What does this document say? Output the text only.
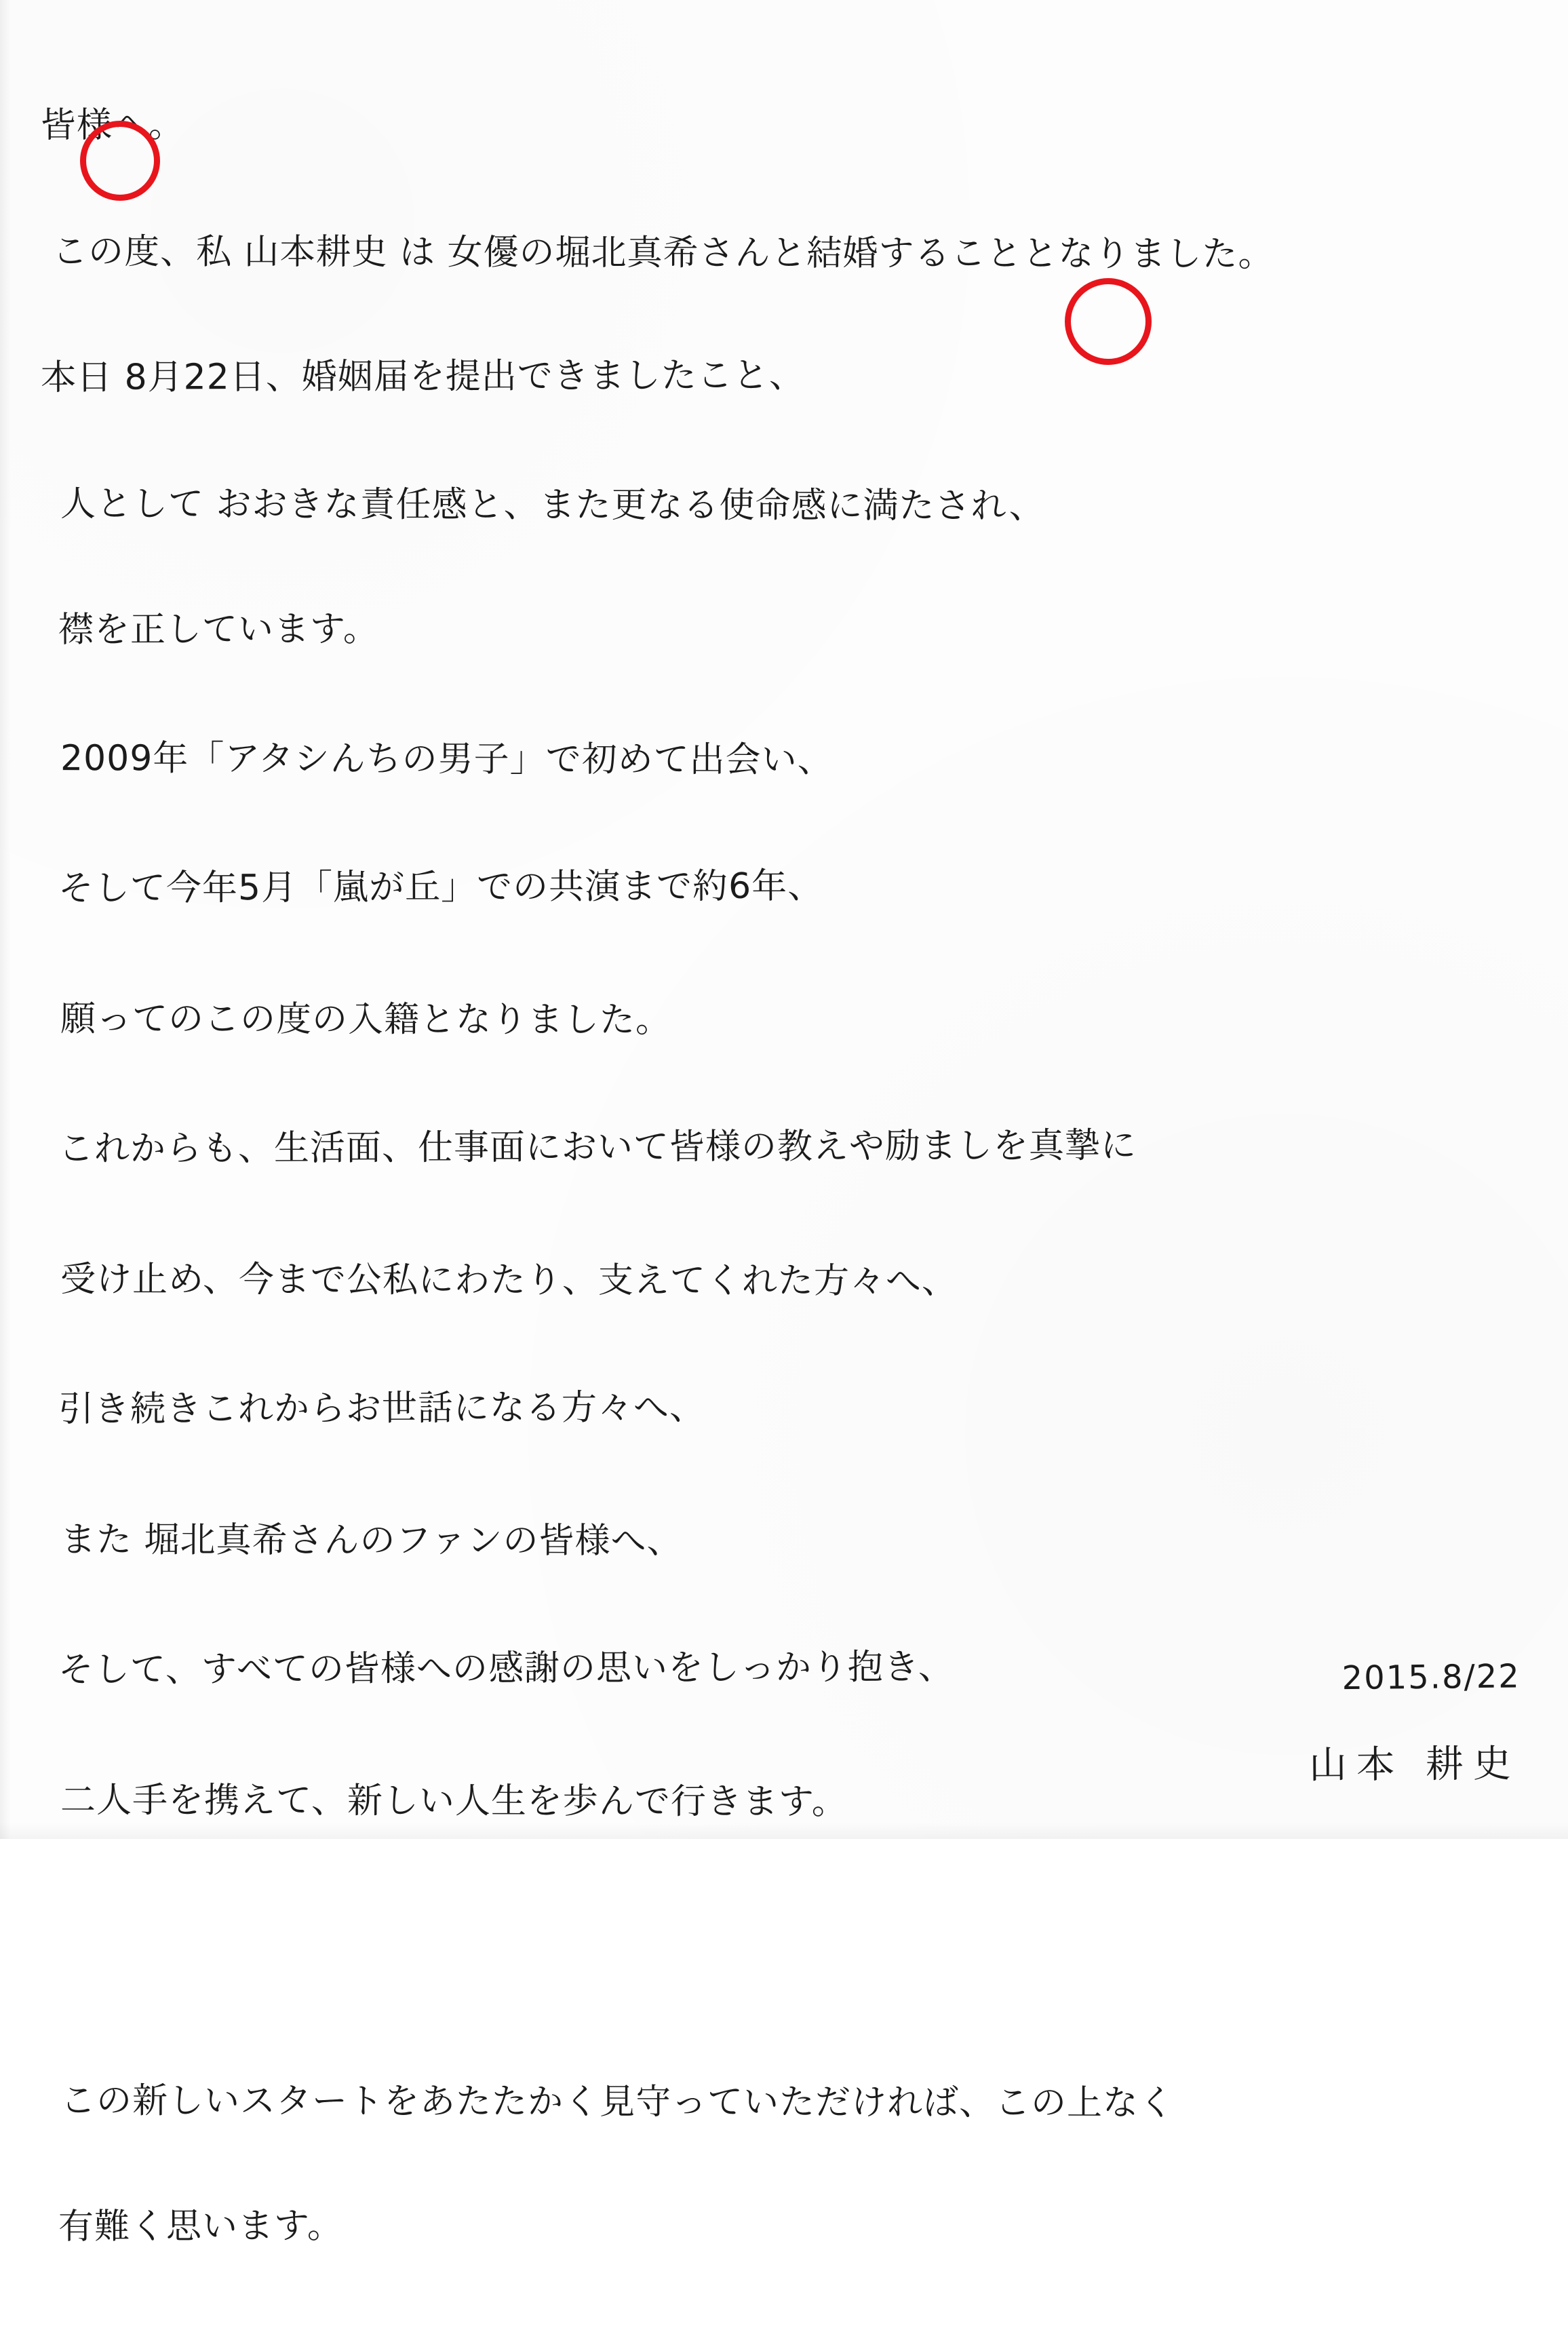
皆様へ。

この度、私 山本耕史 は 女優の堀北真希さんと結婚することとなりました。

本日 8月22日、婚姻届を提出できましたこと、

人として おおきな責任感と、また更なる使命感に満たされ、

襟を正しています。

2009年「アタシんちの男子」で初めて出会い、

そして今年5月「嵐が丘」での共演まで約6年、

願ってのこの度の入籍となりました。

これからも、生活面、仕事面において皆様の教えや励ましを真摯に

受け止め、今まで公私にわたり、支えてくれた方々へ、

引き続きこれからお世話になる方々へ、

また 堀北真希さんのファンの皆様へ、

そして、すべての皆様への感謝の思いをしっかり抱き、

二人手を携えて、新しい人生を歩んで行きます。

この新しいスタートをあたたかく見守っていただければ、この上なく

有難く思います。

2015.8/22
山本 耕史
